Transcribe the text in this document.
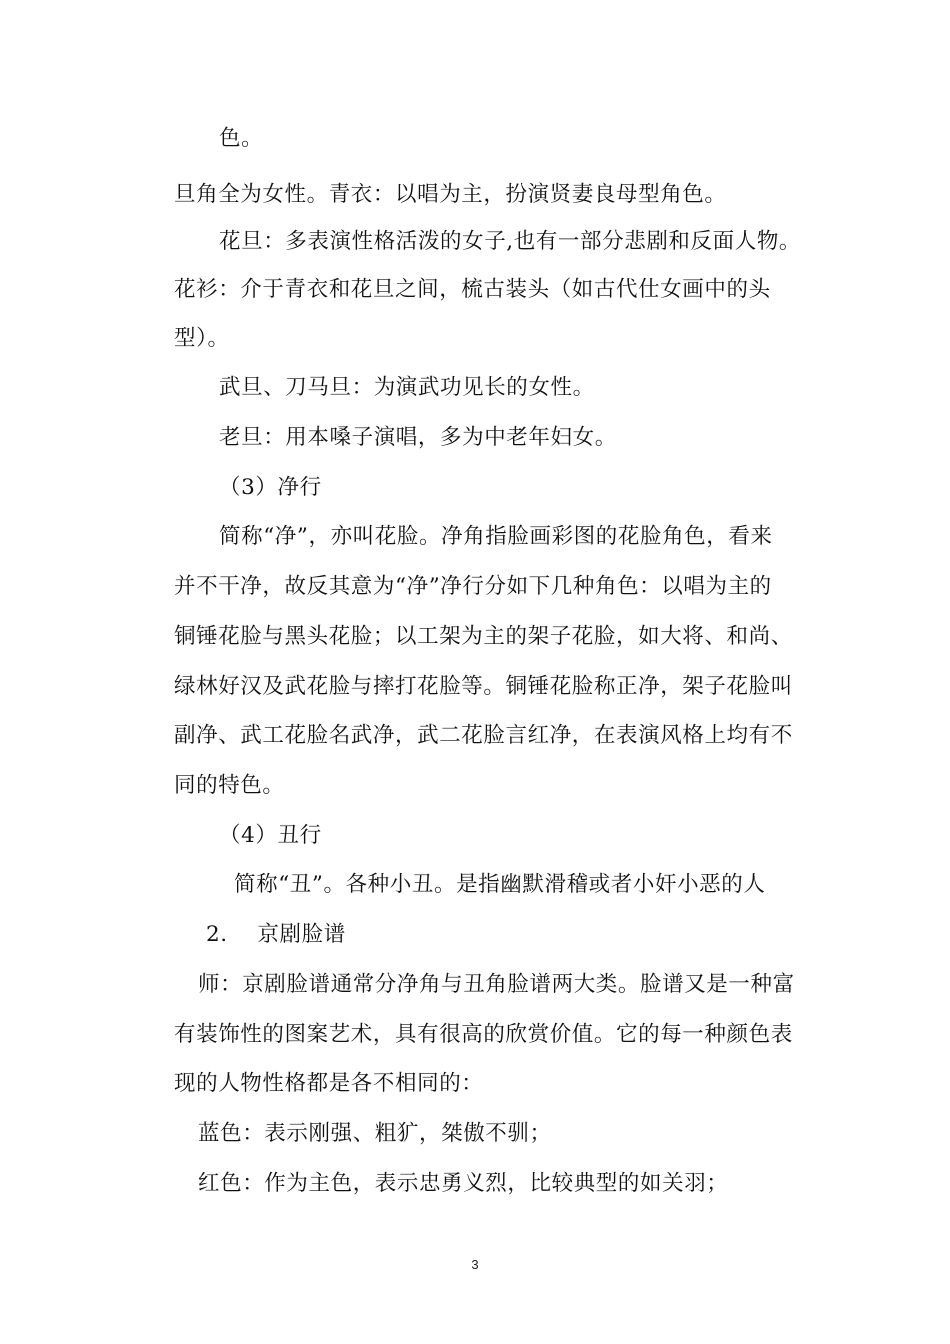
色。
旦角全为女性。青衣：以唱为主，扮演贤妻良母型角色。
花旦：多表演性格活泼的女子,也有一部分悲剧和反面人物。
花衫：介于青衣和花旦之间，梳古装头（如古代仕女画中的头
型）。
武旦、刀马旦：为演武功见长的女性。
老旦：用本嗓子演唱，多为中老年妇女。
（3）净行
简称“净”，亦叫花脸。净角指脸画彩图的花脸角色，看来
并不干净，故反其意为“净”净行分如下几种角色：以唱为主的
铜锤花脸与黑头花脸；以工架为主的架子花脸，如大将、和尚、
绿林好汉及武花脸与摔打花脸等。铜锤花脸称正净，架子花脸叫
副净、武工花脸名武净，武二花脸言红净，在表演风格上均有不
同的特色。
（4）丑行
简称“丑”。各种小丑。是指幽默滑稽或者小奸小恶的人
2.    京剧脸谱
师：京剧脸谱通常分净角与丑角脸谱两大类。脸谱又是一种富
有装饰性的图案艺术，具有很高的欣赏价值。它的每一种颜色表
现的人物性格都是各不相同的：
蓝色：表示刚强、粗犷，桀傲不驯；
红色：作为主色，表示忠勇义烈，比较典型的如关羽；
3
